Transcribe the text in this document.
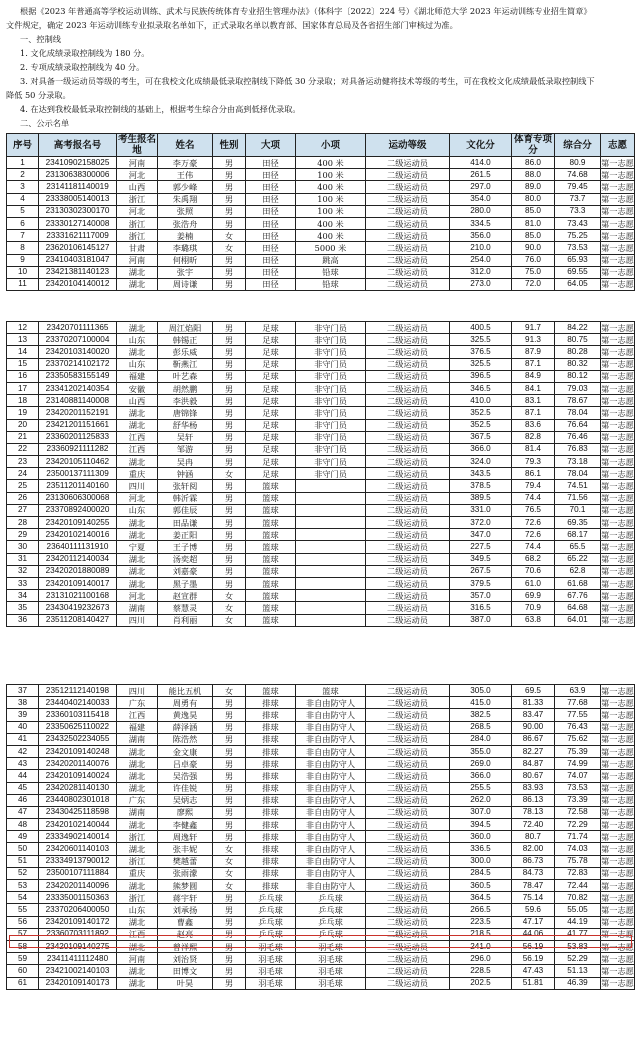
根据《2023 年普通高等学校运动训练、武术与民族传统体育专业招生管理办法》（体科字〔2022〕224 号）《湖北师范大学 2023 年运动训练专业招生简章》

文件规定，确定 2023 年运动训练专业拟录取名单如下，正式录取名单以教育部、国家体育总局及各省招生部门审核过为准。

一、控制线

1. 文化成绩录取控制线为 180 分。

2. 专项成绩录取控制线为 40 分。

3. 对具备一级运动员等级的考生，可在我校文化成绩最低录取控制线下降低 30 分录取；对具备运动健将技术等级的考生，可在我校文化成绩最低录取控制线下

降低 50 分录取。

4. 在达到我校最低录取控制线的基础上，根据考生综合分由高到低择优录取。

二、公示名单

序号	高考报名号	考生报名地	姓名	性别	大项	小项	运动等级	文化分	体育专项分	综合分	志愿
1	23410902158025	河南	李万豪	男	田径	400 米	二级运动员	414.0	86.0	80.9	第一志愿
2	23130638300006	河北	王伟	男	田径	100 米	二级运动员	261.5	88.0	74.68	第一志愿
3	23141181140019	山西	郭少峰	男	田径	400 米	二级运动员	297.0	89.0	79.45	第一志愿
4	23338005140013	浙江	朱禹翔	男	田径	100 米	二级运动员	354.0	80.0	73.7	第一志愿
5	23130302300170	河北	张照	男	田径	100 米	二级运动员	280.0	85.0	73.3	第一志愿
6	23330127140008	浙江	张浩舟	男	田径	400 米	二级运动员	334.5	81.0	73.43	第一志愿
7	23331621117009	浙江	姜楠	女	田径	400 米	二级运动员	356.0	85.0	75.25	第一志愿
8	23620106145127	甘肃	李璐琪	女	田径	5000 米	二级运动员	210.0	90.0	73.53	第一志愿
9	23410403181047	河南	何栩昕	男	田径	跳高	二级运动员	254.0	76.0	65.93	第一志愿
10	23421381140123	湖北	张宇	男	田径	铅球	二级运动员	312.0	75.0	69.55	第一志愿
11	23420104140012	湖北	周诗谦	男	田径	铅球	二级运动员	273.0	72.0	64.05	第一志愿
12	23420701111365	湖北	周江焰阳	男	足球	非守门员	二级运动员	400.5	91.7	84.22	第一志愿
13	23370207100004	山东	韩锡正	男	足球	非守门员	二级运动员	325.5	91.3	80.75	第一志愿
14	23420103140020	湖北	彭乐威	男	足球	非守门员	二级运动员	376.5	87.9	80.28	第一志愿
15	23370214102172	山东	靳燕江	男	足球	非守门员	二级运动员	325.5	87.1	80.32	第一志愿
16	23350583155149	福建	叶艺森	男	足球	非守门员	二级运动员	396.5	84.9	80.12	第一志愿
17	23341202140354	安徽	胡然鹏	男	足球	非守门员	二级运动员	346.5	84.1	79.03	第一志愿
18	23140881140008	山西	李洪毅	男	足球	非守门员	二级运动员	410.0	83.1	78.67	第一志愿
19	23420201152191	湖北	唐锦锋	男	足球	非守门员	二级运动员	352.5	87.1	78.04	第一志愿
20	23421201151661	湖北	舒华杨	男	足球	非守门员	二级运动员	352.5	83.6	76.64	第一志愿
21	23360201125833	江西	吴轩	男	足球	非守门员	二级运动员	367.5	82.8	76.46	第一志愿
22	23360921111282	江西	邹游	男	足球	非守门员	二级运动员	366.0	81.4	76.83	第一志愿
23	23420105110462	湖北	吴冉	男	足球	非守门员	二级运动员	324.0	79.3	73.18	第一志愿
24	23500137111309	重庆	钟涵	女	足球	非守门员	二级运动员	343.5	86.1	78.04	第一志愿
25	23511201140160	四川	张轩阅	男	篮球		二级运动员	378.5	79.4	74.51	第一志愿
26	23130606300068	河北	韩沂霖	男	篮球		二级运动员	389.5	74.4	71.56	第一志愿
27	23370892400020	山东	郭佳辰	男	篮球		二级运动员	331.0	76.5	70.1	第一志愿
28	23420109140255	湖北	田品谦	男	篮球		二级运动员	372.0	72.6	69.35	第一志愿
29	23420102140016	湖北	姜正阳	男	篮球		二级运动员	347.0	72.6	68.17	第一志愿
30	23640111131910	宁夏	王子博	男	篮球		二级运动员	227.5	74.4	65.5	第一志愿
31	23420112140034	湖北	汤奕超	男	篮球		二级运动员	349.5	68.2	65.22	第一志愿
32	23420201880089	湖北	刘嘉豪	男	篮球		二级运动员	267.5	70.6	62.8	第一志愿
33	23420109140017	湖北	黑子墨	男	篮球		二级运动员	379.5	61.0	61.68	第一志愿
34	23131021100168	河北	赵宣群	女	篮球		二级运动员	357.0	69.9	67.76	第一志愿
35	23430419232673	湖南	蔡慧灵	女	篮球		二级运动员	316.5	70.9	64.68	第一志愿
36	23511208140427	四川	肖利丽	女	篮球		二级运动员	387.0	63.8	64.01	第一志愿
37	23512112140198	四川	能比五机	女	篮球	篮球	二级运动员	305.0	69.5	63.9	第一志愿
38	23440402140033	广东	周勇有	男	排球	非自由防守人	二级运动员	415.0	81.33	77.68	第一志愿
39	23360103115418	江西	黄逸昊	男	排球	非自由防守人	二级运动员	382.5	83.47	77.55	第一志愿
40	23350625110022	福建	薛泽涵	男	排球	非自由防守人	二级运动员	268.5	90.00	76.43	第一志愿
41	23432502234055	湖南	陈浩然	男	排球	非自由防守人	二级运动员	284.0	86.67	75.62	第一志愿
42	23420109140248	湖北	金文康	男	排球	非自由防守人	二级运动员	355.0	82.27	75.39	第一志愿
43	23420201140076	湖北	吕卓豪	男	排球	非自由防守人	二级运动员	269.0	84.87	74.99	第一志愿
44	23420109140024	湖北	吴浩强	男	排球	非自由防守人	二级运动员	366.0	80.67	74.07	第一志愿
45	23420281140130	湖北	许佳锐	男	排球	非自由防守人	二级运动员	255.5	83.93	73.53	第一志愿
46	23440802301018	广东	吴炳志	男	排球	非自由防守人	二级运动员	262.0	86.13	73.39	第一志愿
47	23430425118598	湖南	廖熙	男	排球	非自由防守人	二级运动员	307.0	78.13	72.58	第一志愿
48	23420102140044	湖北	李健鑫	男	排球	非自由防守人	二级运动员	394.5	72.40	72.29	第一志愿
49	23334902140014	浙江	周逸轩	男	排球	非自由防守人	二级运动员	360.0	80.7	71.74	第一志愿
50	23420601140103	湖北	张丰妮	女	排球	非自由防守人	二级运动员	336.5	82.00	74.03	第一志愿
51	23334913790012	浙江	樊越蕾	女	排球	非自由防守人	二级运动员	300.0	86.73	75.78	第一志愿
52	23500107111884	重庆	张雨濛	女	排球	非自由防守人	二级运动员	284.5	84.73	72.83	第一志愿
53	23420201140096	湖北	熊梦圆	女	排球	非自由防守人	二级运动员	360.5	78.47	72.44	第一志愿
54	23335001150363	浙江	蒋宇轩	男	乒乓球	乒乓球	二级运动员	364.5	75.14	70.82	第一志愿
55	23370206400050	山东	刘承扬	男	乒乓球	乒乓球	二级运动员	266.5	59.6	55.05	第一志愿
56	23420109140172	湖北	曹鑫	男	乒乓球	乒乓球	二级运动员	223.5	47.17	44.19	第一志愿
57	23360703111892	江西	赵亮	男	乒乓球	乒乓球	二级运动员	218.5	44.06	41.77	第一志愿
58	23420109140275	湖北	曾祥熙	男	羽毛球	羽毛球	二级运动员	241.0	56.19	53.83	第一志愿
59	23411411112480	河南	刘治贤	男	羽毛球	羽毛球	二级运动员	296.0	56.19	52.29	第一志愿
60	23421002140103	湖北	田博文	男	羽毛球	羽毛球	二级运动员	228.5	47.43	51.13	第一志愿
61	23420109140173	湖北	叶昊	男	羽毛球	羽毛球	二级运动员	202.5	51.81	46.39	第一志愿
